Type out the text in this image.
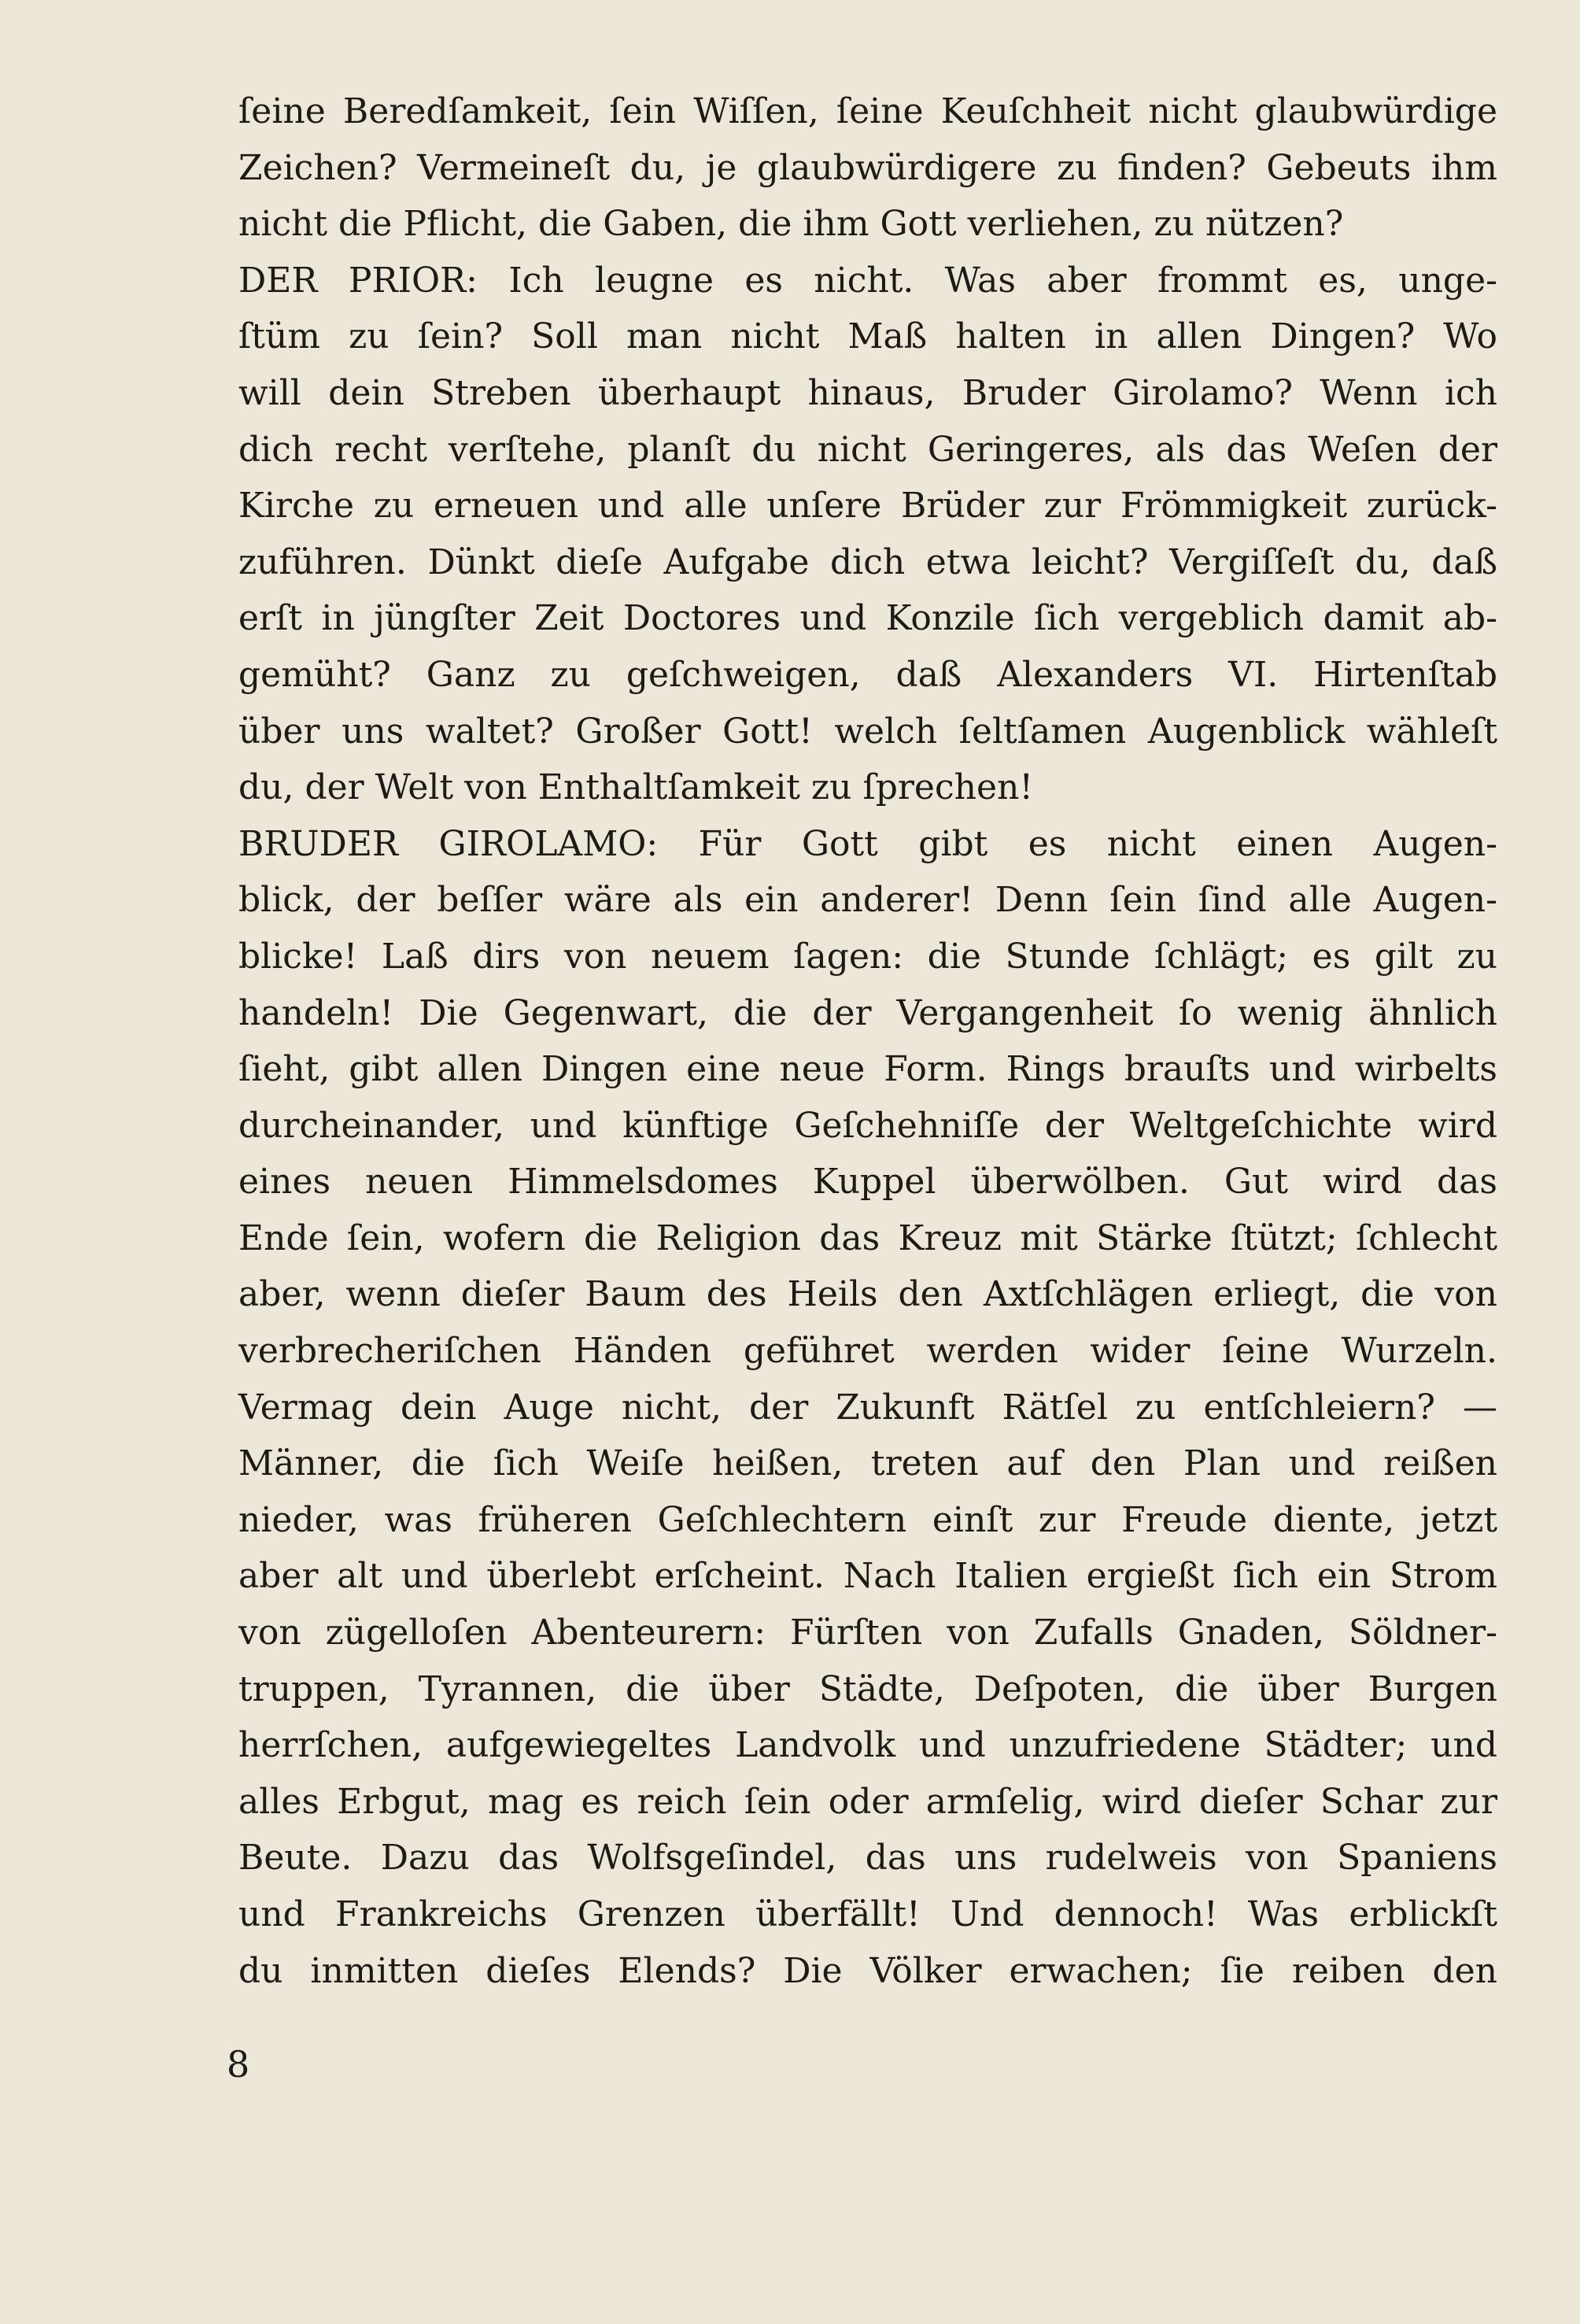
ſeine Beredſamkeit, ſein Wiſſen, ſeine Keuſchheit nicht glaubwürdige
Zeichen? Vermeineſt du, je glaubwürdigere zu finden? Gebeuts ihm
nicht die Pflicht, die Gaben, die ihm Gott verliehen, zu nützen?
DER PRIOR: Ich leugne es nicht. Was aber frommt es, unge-
ſtüm zu ſein? Soll man nicht Maß halten in allen Dingen? Wo
will dein Streben überhaupt hinaus, Bruder Girolamo? Wenn ich
dich recht verſtehe, planſt du nicht Geringeres, als das Weſen der
Kirche zu erneuen und alle unſere Brüder zur Frömmigkeit zurück-
zuführen. Dünkt dieſe Aufgabe dich etwa leicht? Vergiſſeſt du, daß
erſt in jüngſter Zeit Doctores und Konzile ſich vergeblich damit ab-
gemüht? Ganz zu geſchweigen, daß Alexanders VI. Hirtenſtab
über uns waltet? Großer Gott! welch ſeltſamen Augenblick wähleſt
du, der Welt von Enthaltſamkeit zu ſprechen!
BRUDER GIROLAMO: Für Gott gibt es nicht einen Augen-
blick, der beſſer wäre als ein anderer! Denn ſein ſind alle Augen-
blicke! Laß dirs von neuem ſagen: die Stunde ſchlägt; es gilt zu
handeln! Die Gegenwart, die der Vergangenheit ſo wenig ähnlich
ſieht, gibt allen Dingen eine neue Form. Rings brauſts und wirbelts
durcheinander, und künftige Geſchehniſſe der Weltgeſchichte wird
eines neuen Himmelsdomes Kuppel überwölben. Gut wird das
Ende ſein, wofern die Religion das Kreuz mit Stärke ſtützt; ſchlecht
aber, wenn dieſer Baum des Heils den Axtſchlägen erliegt, die von
verbrecheriſchen Händen geführet werden wider ſeine Wurzeln.
Vermag dein Auge nicht, der Zukunft Rätſel zu entſchleiern? —
Männer, die ſich Weiſe heißen, treten auf den Plan und reißen
nieder, was früheren Geſchlechtern einſt zur Freude diente, jetzt
aber alt und überlebt erſcheint. Nach Italien ergießt ſich ein Strom
von zügelloſen Abenteurern: Fürſten von Zufalls Gnaden, Söldner-
truppen, Tyrannen, die über Städte, Deſpoten, die über Burgen
herrſchen, aufgewiegeltes Landvolk und unzufriedene Städter; und
alles Erbgut, mag es reich ſein oder armſelig, wird dieſer Schar zur
Beute. Dazu das Wolfsgeſindel, das uns rudelweis von Spaniens
und Frankreichs Grenzen überfällt! Und dennoch! Was erblickſt
du inmitten dieſes Elends? Die Völker erwachen; ſie reiben den
8
